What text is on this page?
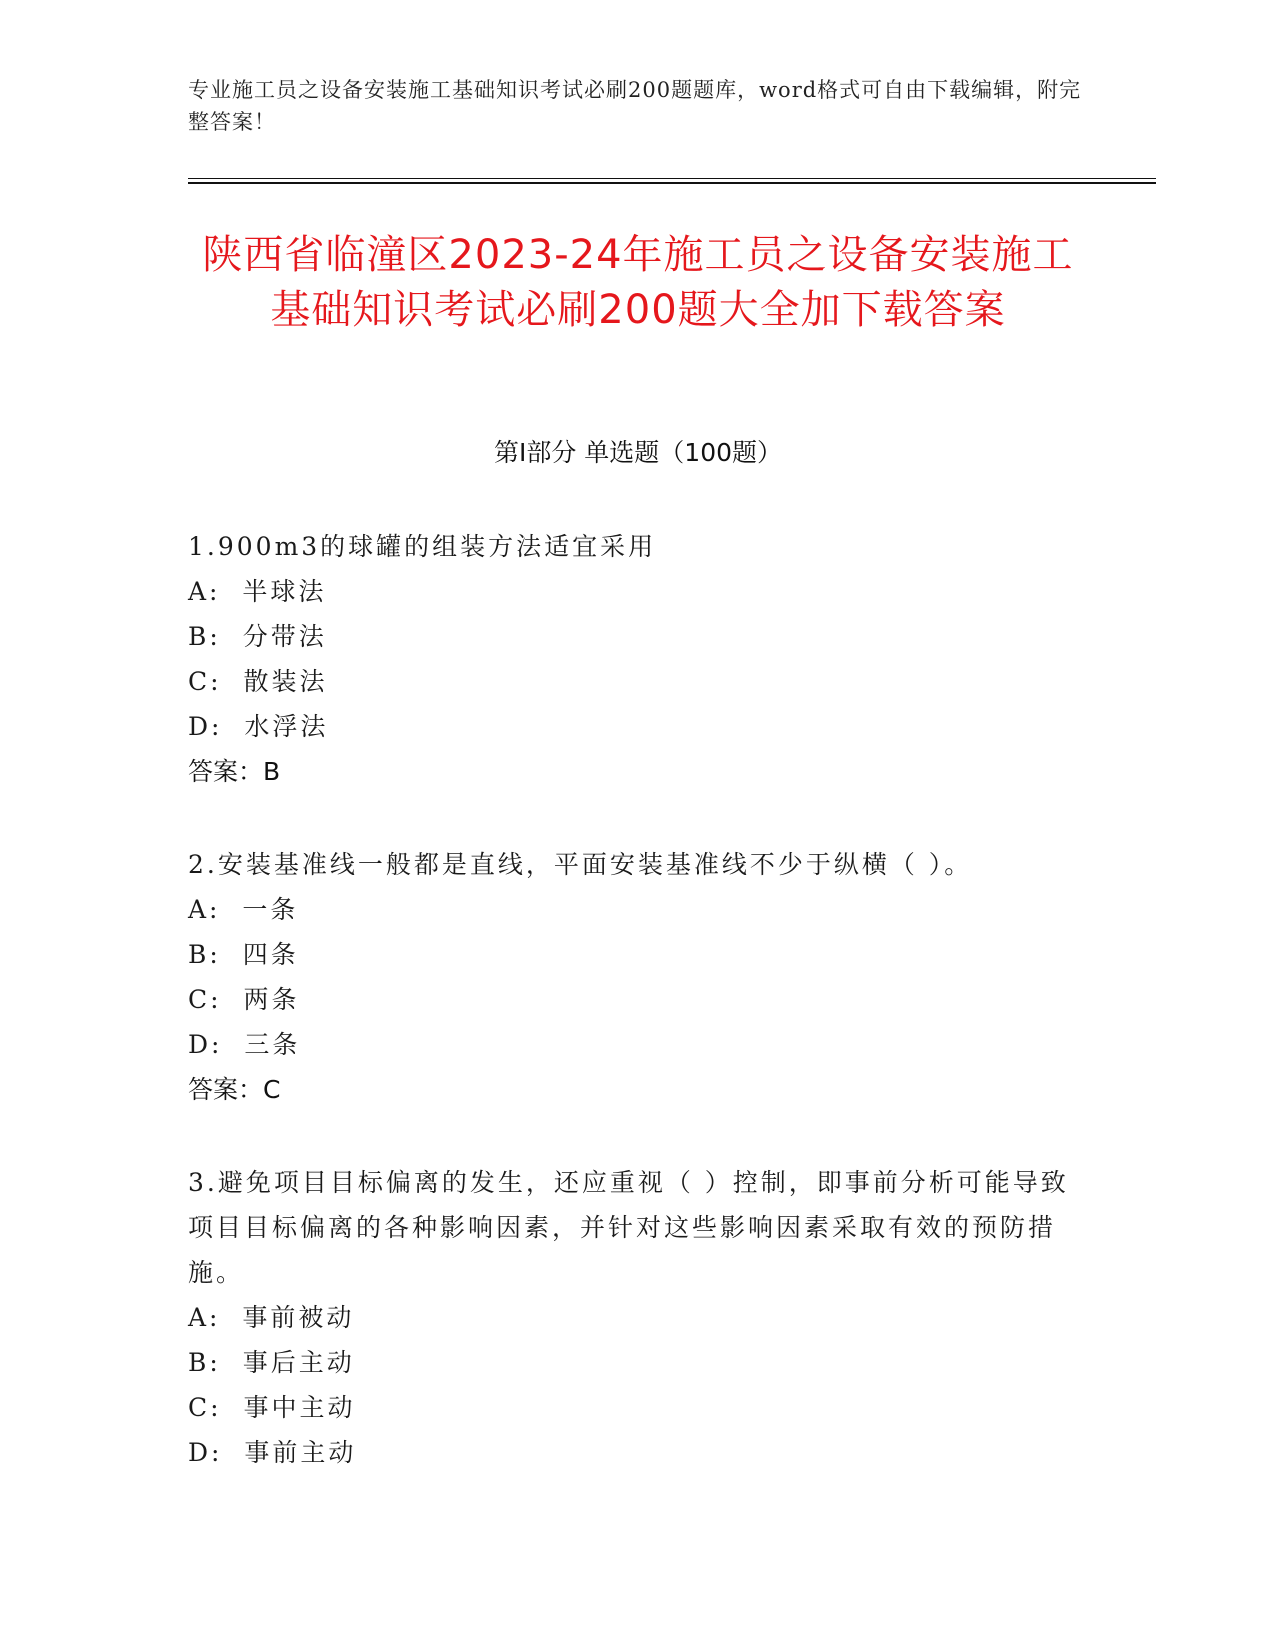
专业施工员之设备安装施工基础知识考试必刷200题题库，word格式可自由下载编辑，附完整答案！
陕西省临潼区2023-24年施工员之设备安装施工基础知识考试必刷200题大全加下载答案
第I部分 单选题（100题）
1.900m3的球罐的组装方法适宜采用
A:  半球法
B:  分带法
C:  散装法
D:  水浮法
答案：B
2.安装基准线一般都是直线，平面安装基准线不少于纵横（ ）。
A:  一条
B:  四条
C:  两条
D:  三条
答案：C
3.避免项目目标偏离的发生，还应重视（ ）控制，即事前分析可能导致项目目标偏离的各种影响因素，并针对这些影响因素采取有效的预防措施。
A:  事前被动
B:  事后主动
C:  事中主动
D:  事前主动
